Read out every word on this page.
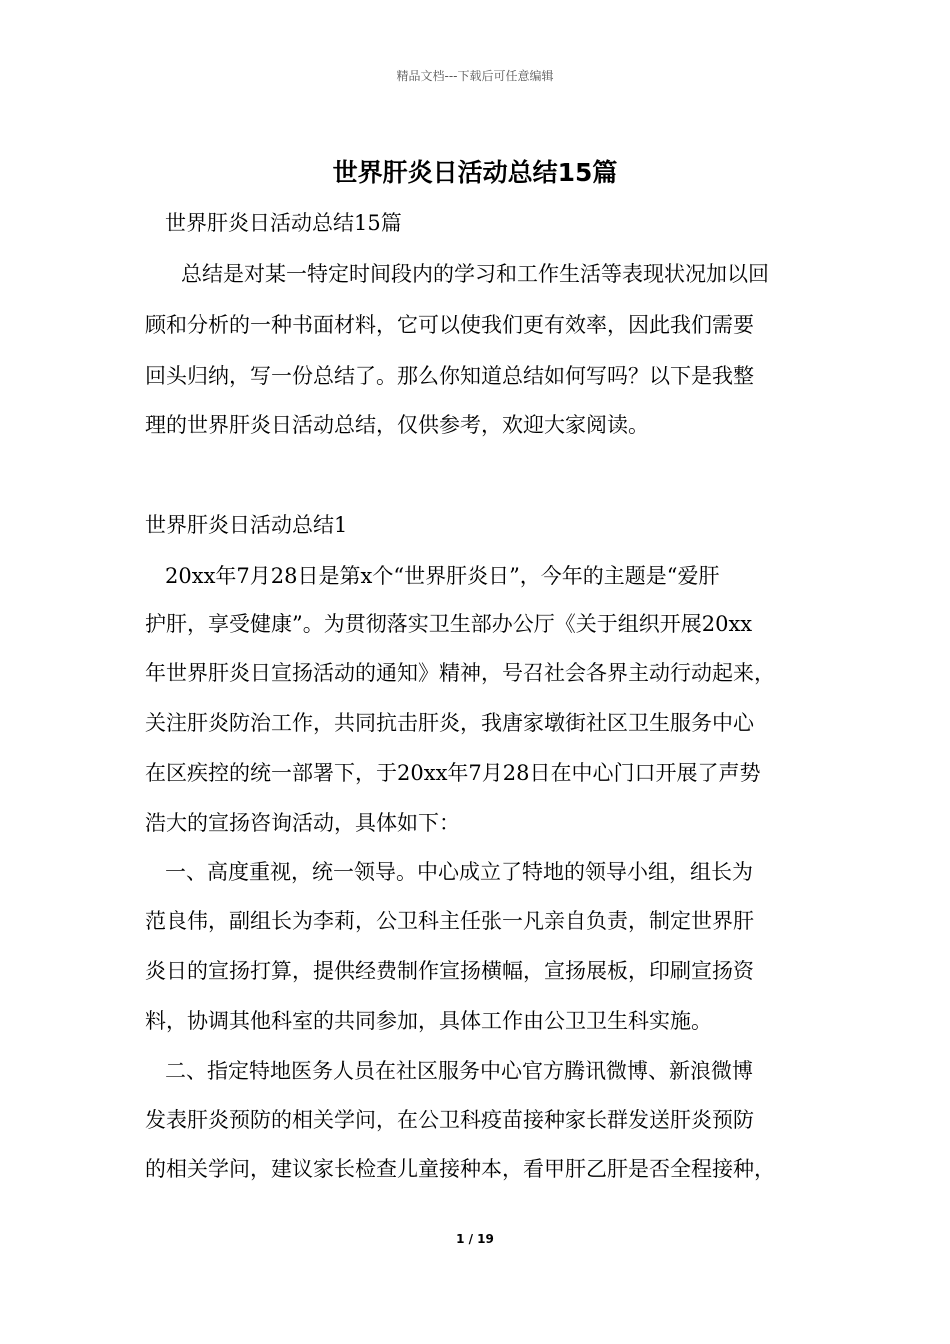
精品文档---下载后可任意编辑
世界肝炎日活动总结15篇
世界肝炎日活动总结15篇
总结是对某一特定时间段内的学习和工作生活等表现状况加以回
顾和分析的一种书面材料，它可以使我们更有效率，因此我们需要
回头归纳，写一份总结了。那么你知道总结如何写吗？以下是我整
理的世界肝炎日活动总结，仅供参考，欢迎大家阅读。
世界肝炎日活动总结1
20xx年7月28日是第x个“世界肝炎日”，今年的主题是“爱肝
护肝，享受健康”。为贯彻落实卫生部办公厅《关于组织开展20xx
年世界肝炎日宣扬活动的通知》精神，号召社会各界主动行动起来，
关注肝炎防治工作，共同抗击肝炎，我唐家墩街社区卫生服务中心
在区疾控的统一部署下，于20xx年7月28日在中心门口开展了声势
浩大的宣扬咨询活动，具体如下：
一、高度重视，统一领导。中心成立了特地的领导小组，组长为
范良伟，副组长为李莉，公卫科主任张一凡亲自负责，制定世界肝
炎日的宣扬打算，提供经费制作宣扬横幅，宣扬展板，印刷宣扬资
料，协调其他科室的共同参加，具体工作由公卫卫生科实施。
二、指定特地医务人员在社区服务中心官方腾讯微博、新浪微博
发表肝炎预防的相关学问，在公卫科疫苗接种家长群发送肝炎预防
的相关学问，建议家长检查儿童接种本，看甲肝乙肝是否全程接种，
1 / 19
